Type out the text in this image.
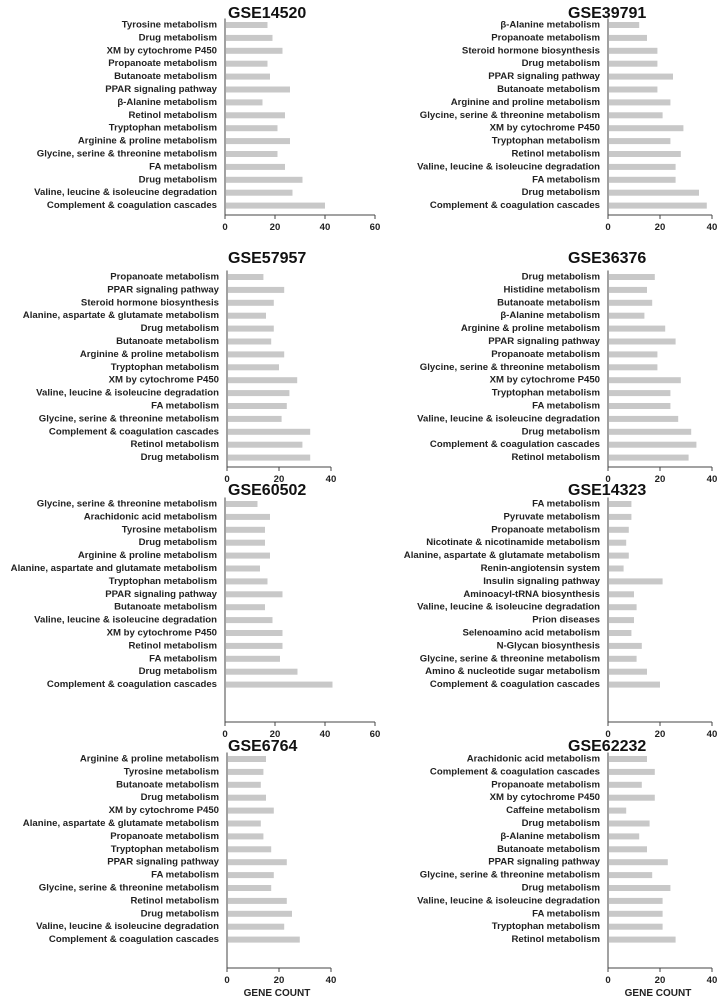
GSE14520
Tyrosine metabolism
Drug metabolism
XM by cytochrome P450
Propanoate metabolism
Butanoate metabolism
PPAR signaling pathway
β-Alanine metabolism
Retinol metabolism
Tryptophan metabolism
Arginine & proline metabolism
Glycine, serine & threonine metabolism
FA metabolism
Drug metabolism
Valine, leucine & isoleucine degradation
Complement & coagulation cascades
0	20	40	60
GSE39791
β-Alanine metabolism
Propanoate metabolism
Steroid hormone biosynthesis
Drug metabolism
PPAR signaling pathway
Butanoate metabolism
Arginine and proline metabolism
Glycine, serine & threonine metabolism
XM by cytochrome P450
Tryptophan metabolism
Retinol metabolism
Valine, leucine & isoleucine degradation
FA metabolism
Drug metabolism
Complement & coagulation cascades
0	20	40
GSE57957
Propanoate metabolism
PPAR signaling pathway
Steroid hormone biosynthesis
Alanine, aspartate & glutamate metabolism
Drug metabolism
Butanoate metabolism
Arginine & proline metabolism
Tryptophan metabolism
XM by cytochrome P450
Valine, leucine & isoleucine degradation
FA metabolism
Glycine, serine & threonine metabolism
Complement & coagulation cascades
Retinol metabolism
Drug metabolism
0	20	40
GSE36376
Drug metabolism
Histidine metabolism
Butanoate metabolism
β-Alanine metabolism
Arginine & proline metabolism
PPAR signaling pathway
Propanoate metabolism
Glycine, serine & threonine metabolism
XM by cytochrome P450
Tryptophan metabolism
FA metabolism
Valine, leucine & isoleucine degradation
Drug metabolism
Complement & coagulation cascades
Retinol metabolism
0	20	40
GSE60502
Glycine, serine & threonine metabolism
Arachidonic acid metabolism
Tyrosine metabolism
Drug metabolism
Arginine & proline metabolism
Alanine, aspartate and glutamate metabolism
Tryptophan metabolism
PPAR signaling pathway
Butanoate metabolism
Valine, leucine & isoleucine degradation
XM by cytochrome P450
Retinol metabolism
FA metabolism
Drug metabolism
Complement & coagulation cascades
0	20	40	60
GSE14323
FA metabolism
Pyruvate metabolism
Propanoate metabolism
Nicotinate & nicotinamide metabolism
Alanine, aspartate & glutamate metabolism
Renin-angiotensin system
Insulin signaling pathway
Aminoacyl-tRNA biosynthesis
Valine, leucine & isoleucine degradation
Prion diseases
Selenoamino acid metabolism
N-Glycan biosynthesis
Glycine, serine & threonine metabolism
Amino & nucleotide sugar metabolism
Complement & coagulation cascades
0	20	40
GSE6764
Arginine & proline metabolism
Tyrosine metabolism
Butanoate metabolism
Drug metabolism
XM by cytochrome P450
Alanine, aspartate & glutamate metabolism
Propanoate metabolism
Tryptophan metabolism
PPAR signaling pathway
FA metabolism
Glycine, serine & threonine metabolism
Retinol metabolism
Drug metabolism
Valine, leucine & isoleucine degradation
Complement & coagulation cascades
0	20	40
GENE COUNT
GSE62232
Arachidonic acid metabolism
Complement & coagulation cascades
Propanoate metabolism
XM by cytochrome P450
Caffeine metabolism
Drug metabolism
β-Alanine metabolism
Butanoate metabolism
PPAR signaling pathway
Glycine, serine & threonine metabolism
Drug metabolism
Valine, leucine & isoleucine degradation
FA metabolism
Tryptophan metabolism
Retinol metabolism
0	20	40
GENE COUNT
